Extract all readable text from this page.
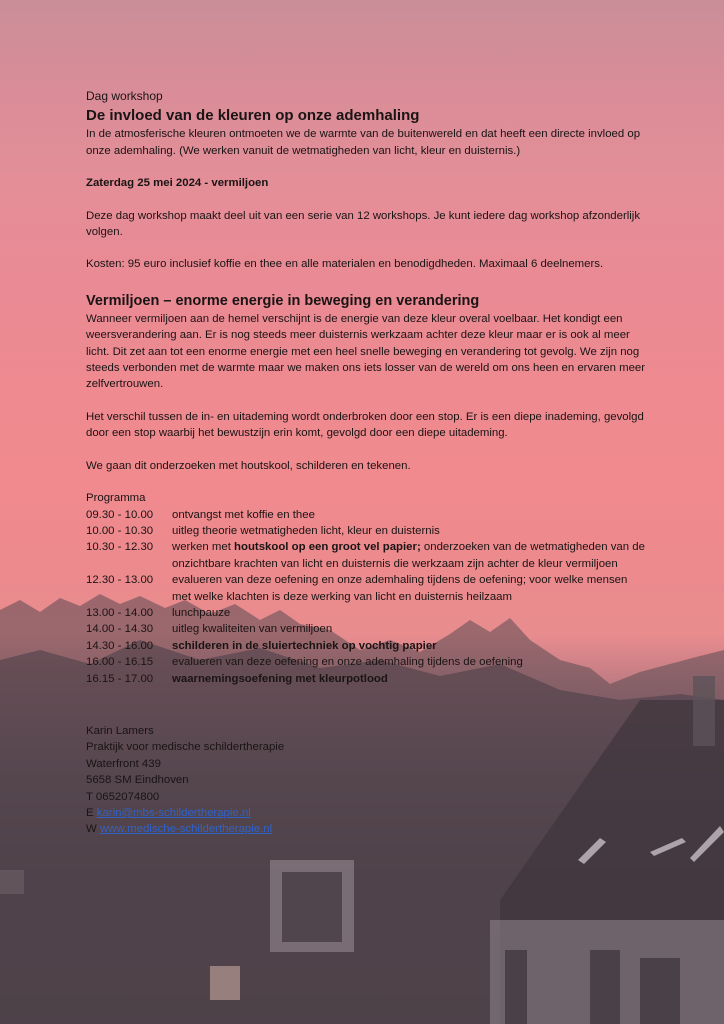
Dag workshop
De invloed van de kleuren op onze ademhaling

In de atmosferische kleuren ontmoeten we de warmte van de buitenwereld en dat heeft een directe invloed op onze ademhaling. (We werken vanuit de wetmatigheden van licht, kleur en duisternis.)

Zaterdag 25 mei 2024 - vermiljoen

Deze dag workshop maakt deel uit van een serie van 12 workshops. Je kunt iedere dag workshop afzonderlijk volgen.

Kosten: 95 euro inclusief koffie en thee en alle materialen en benodigdheden. Maximaal 6 deelnemers.

Vermiljoen – enorme energie in beweging en verandering

Wanneer vermiljoen aan de hemel verschijnt is de energie van deze kleur overal voelbaar. Het kondigt een weersverandering aan. Er is nog steeds meer duisternis werkzaam achter deze kleur maar er is ook al meer licht. Dit zet aan tot een enorme energie met een heel snelle beweging en verandering tot gevolg. We zijn nog steeds verbonden met de warmte maar we maken ons iets losser van de wereld om ons heen en ervaren meer zelfvertrouwen.

Het verschil tussen de in- en uitademing wordt onderbroken door een stop. Er is een diepe inademing, gevolgd door een stop waarbij het bewustzijn erin komt, gevolgd door een diepe uitademing.

We gaan dit onderzoeken met houtskool, schilderen en tekenen.

Programma
09.30 - 10.00	ontvangst met koffie en thee
10.00 - 10.30	uitleg theorie wetmatigheden licht, kleur en duisternis
10.30 - 12.30	werken met houtskool op een groot vel papier; onderzoeken van de wetmatigheden van de onzichtbare krachten van licht en duisternis die werkzaam zijn achter de kleur vermiljoen
12.30 - 13.00	evalueren van deze oefening en onze ademhaling tijdens de oefening; voor welke mensen met welke klachten is deze werking van licht en duisternis heilzaam
13.00 - 14.00	lunchpauze
14.00 - 14.30	uitleg kwaliteiten van vermiljoen
14.30 - 16.00	schilderen in de sluiertechniek op vochtig papier
16.00 - 16.15	evalueren van deze oefening en onze ademhaling tijdens de oefening
16.15 - 17.00	waarnemingsoefening met kleurpotlood
Karin Lamers
Praktijk voor medische schildertherapie
Waterfront 439
5658 SM Eindhoven
T 0652074800
E karin@mbs-schildertherapie.nl
W www.medische-schildertherapie.nl
